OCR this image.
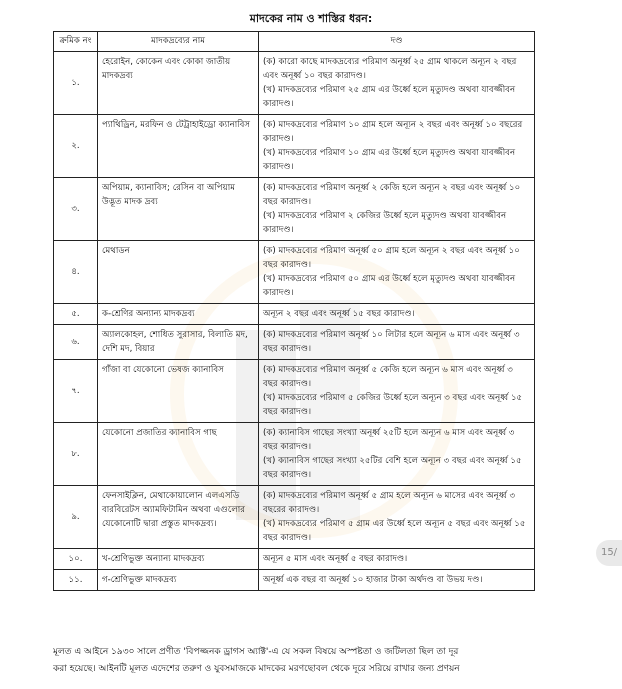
মাদকের নাম ও শাস্তির ধরন:
ক্রমিক নং	মাদকদ্রব্যের নাম	দণ্ড
১.	হেরোইন, কোকেন এবং কোকা জাতীয় মাদকদ্রব্য	(ক) কারো কাছে মাদকদ্রব্যের পরিমাণ অনূর্ধ্ব ২৫ গ্রাম থাকলে অন্যূন ২ বছর এবং অনূর্ধ্ব ১০ বছর কারাদণ্ড।

(খ) মাদকদ্রব্যের পরিমাণ ২৫ গ্রাম এর উর্ধ্বে হলে মৃত্যুদণ্ড অথবা যাবজ্জীবন কারাদণ্ড।

২.	প্যাথিড্রিন, মরফিন ও টেট্রাহাইড্রো ক্যানাবিস	(ক) মাদকদ্রব্যের পরিমাণ ১০ গ্রাম হলে অন্যূন ২ বছর এবং অনূর্ধ্ব ১০ বছরের কারাদণ্ড।

(খ) মাদকদ্রব্যের পরিমাণ ১০ গ্রাম এর উর্ধ্বে হলে মৃত্যুদণ্ড অথবা যাবজ্জীবন কারাদণ্ড।

৩.	অপিয়াম, ক্যানাবিস; রেসিন বা অপিয়াম উদ্ভূত মাদক দ্রব্য	(ক) মাদকদ্রব্যের পরিমাণ অনূর্ধ্ব ২ কেজি হলে অন্যূন ২ বছর এবং অনূর্ধ্ব ১০ বছর কারাদণ্ড।

(খ) মাদকদ্রব্যের পরিমাণ ২ কেজির উর্ধ্বে হলে মৃত্যুদণ্ড অথবা যাবজ্জীবন কারাদণ্ড।

৪.	মেথাডন	(ক) মাদকদ্রব্যের পরিমাণ অনূর্ধ্ব ৫০ গ্রাম হলে অন্যূন ২ বছর এবং অনূর্ধ্ব ১০ বছর কারাদণ্ড।

(খ) মাদকদ্রব্যের পরিমাণ ৫০ গ্রাম এর উর্ধ্বে হলে মৃত্যুদণ্ড অথবা যাবজ্জীবন কারাদণ্ড।

৫.	ক-শ্রেণির অন্যান্য মাদকদ্রব্য	অন্যূন ২ বছর এবং অনূর্ধ্ব ১৫ বছর কারাদণ্ড।

৬.	অ্যালকোহল, শোধিত সুরাসার, বিলাতি মদ, দেশি মদ, বিয়ার	(ক) মাদকদ্রব্যের পরিমাণ অনূর্ধ্ব ১০ লিটার হলে অন্যূন ৬ মাস এবং অনূর্ধ্ব ৩ বছর কারাদণ্ড।

৭.	গাঁজা বা যেকোনো ভেষজ ক্যানাবিস	(ক) মাদকদ্রব্যের পরিমাণ অনূর্ধ্ব ৫ কেজি হলে অন্যূন ৬ মাস এবং অনূর্ধ্ব ৩ বছর কারাদণ্ড।

(খ) মাদকদ্রব্যের পরিমাণ ৫ কেজির উর্ধ্বে হলে অন্যূন ৩ বছর এবং অনূর্ধ্ব ১৫ বছর কারাদণ্ড।

৮.	যেকোনো প্রজাতির ক্যানাবিস গাছ	(ক) ক্যানাবিস গাছের সংখ্যা অনূর্ধ্ব ২৫টি হলে অন্যূন ৬ মাস এবং অনূর্ধ্ব ৩ বছর কারাদণ্ড।

(খ) ক্যানাবিস গাছের সংখ্যা ২৫টির বেশি হলে অন্যূন ৩ বছর এবং অনূর্ধ্ব ১৫ বছর কারাদণ্ড।

৯.	ফেনসাইক্লিন, মেথাকোয়ালোন এলএসডি বারবিরেটস অ্যামফিটামিন অথবা এগুলোর যেকোনোটি দ্বারা প্রস্তুত মাদকদ্রব্য।	(ক) মাদকদ্রব্যের পরিমাণ অনূর্ধ্ব ৫ গ্রাম হলে অন্যূন ৬ মাসের এবং অনূর্ধ্ব ৩ বছরের কারাদণ্ড।

(খ) মাদকদ্রব্যের পরিমাণ ৫ গ্রাম এর উর্ধ্বে হলে অন্যূন ৫ বছর এবং অনূর্ধ্ব ১৫ বছর কারাদণ্ড।

১০.	খ-শ্রেণিভুক্ত অন্যান্য মাদকদ্রব্য	অন্যূন ৫ মাস এবং অনূর্ধ্ব ৫ বছর কারাদণ্ড।

১১.	গ-শ্রেণিভুক্ত মাদকদ্রব্য	অনূর্ধ্ব এক বছর বা অনূর্ধ্ব ১০ হাজার টাকা অর্থদণ্ড বা উভয় দণ্ড।

15/

মূলত এ আইনে ১৯৩০ সালে প্রণীত 'বিপজ্জনক ড্রাগস অ্যাক্ট'-এ যে সকল বিষয়ে অস্পষ্টতা ও জটিলতা ছিল তা দূর

করা হয়েছে। আইনটি মূলত এদেশের তরুণ ও যুবসমাজকে মাদকের মরণছোবল থেকে দূরে সরিয়ে রাখার জন্য প্রণয়ন
